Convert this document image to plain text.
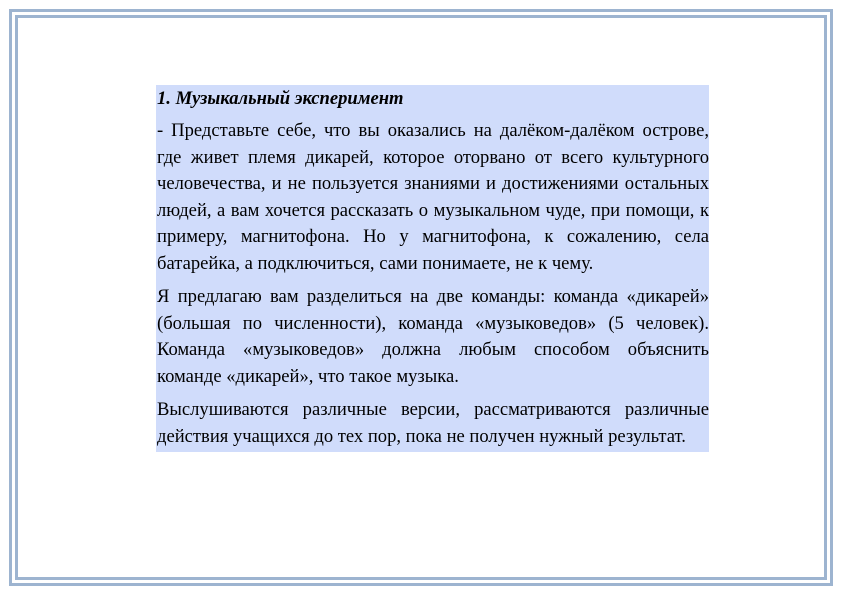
1. Музыкальный эксперимент
- Представьте себе, что вы оказались на далёком-далёком острове, где живет племя дикарей, которое оторвано от всего культурного человечества, и не пользуется знаниями и достижениями остальных людей, а вам хочется рассказать о музыкальном чуде, при помощи, к примеру, магнитофона. Но у магнитофона, к сожалению, села батарейка, а подключиться, сами понимаете, не к чему.
Я предлагаю вам разделиться на две команды: команда «дикарей» (большая по численности), команда «музыковедов» (5 человек). Команда «музыковедов» должна любым способом объяснить команде «дикарей», что такое музыка.
Выслушиваются различные версии, рассматриваются различные действия учащихся до тех пор, пока не получен нужный результат.
